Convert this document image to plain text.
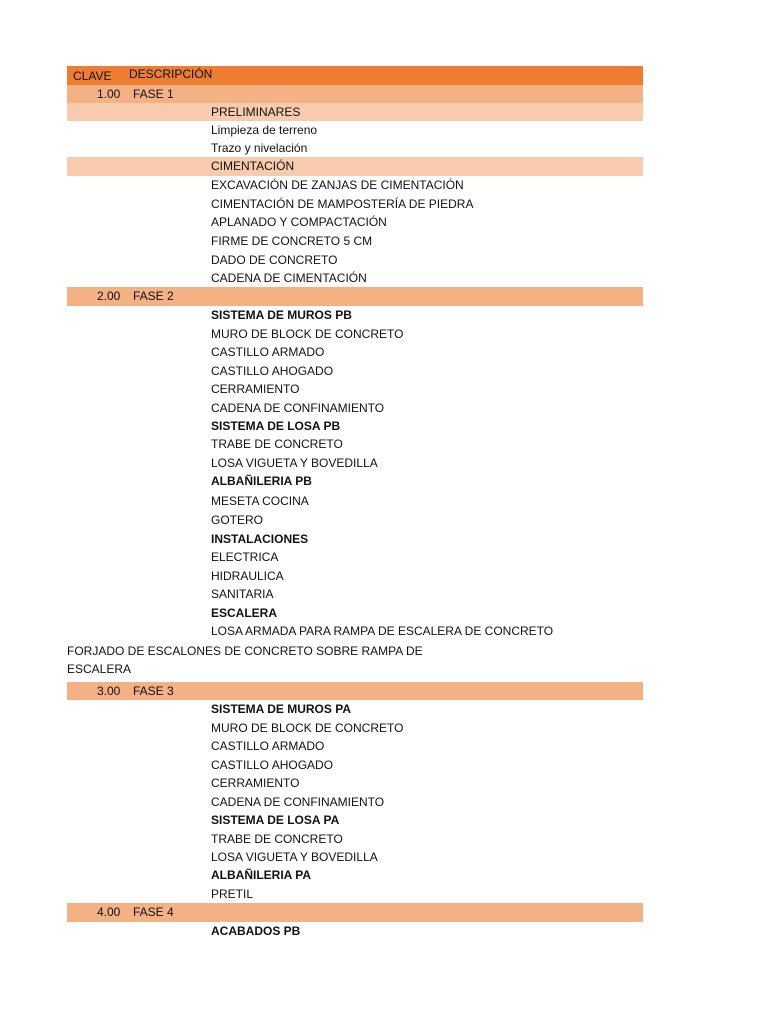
CLAVE DESCRIPCIÓN
1.00 FASE 1
PRELIMINARES
Limpieza de terreno
Trazo y nivelación
CIMENTACIÓN
EXCAVACIÓN DE ZANJAS DE CIMENTACIÓN
CIMENTACIÓN DE MAMPOSTERÍA DE PIEDRA
APLANADO Y COMPACTACIÓN
FIRME DE CONCRETO 5 CM
DADO DE CONCRETO
CADENA DE CIMENTACIÓN
2.00 FASE 2
SISTEMA DE MUROS PB
MURO DE BLOCK DE CONCRETO
CASTILLO ARMADO
CASTILLO AHOGADO
CERRAMIENTO
CADENA DE CONFINAMIENTO
SISTEMA DE LOSA PB
TRABE DE CONCRETO
LOSA VIGUETA Y BOVEDILLA
ALBAÑILERIA PB
MESETA COCINA
GOTERO
INSTALACIONES
ELECTRICA
HIDRAULICA
SANITARIA
ESCALERA
LOSA ARMADA PARA RAMPA DE ESCALERA DE CONCRETO
FORJADO DE ESCALONES DE CONCRETO SOBRE RAMPA DE ESCALERA
3.00 FASE 3
SISTEMA DE MUROS PA
MURO DE BLOCK DE CONCRETO
CASTILLO ARMADO
CASTILLO AHOGADO
CERRAMIENTO
CADENA DE CONFINAMIENTO
SISTEMA DE LOSA PA
TRABE DE CONCRETO
LOSA VIGUETA Y BOVEDILLA
ALBAÑILERIA PA
PRETIL
4.00 FASE 4
ACABADOS PB
